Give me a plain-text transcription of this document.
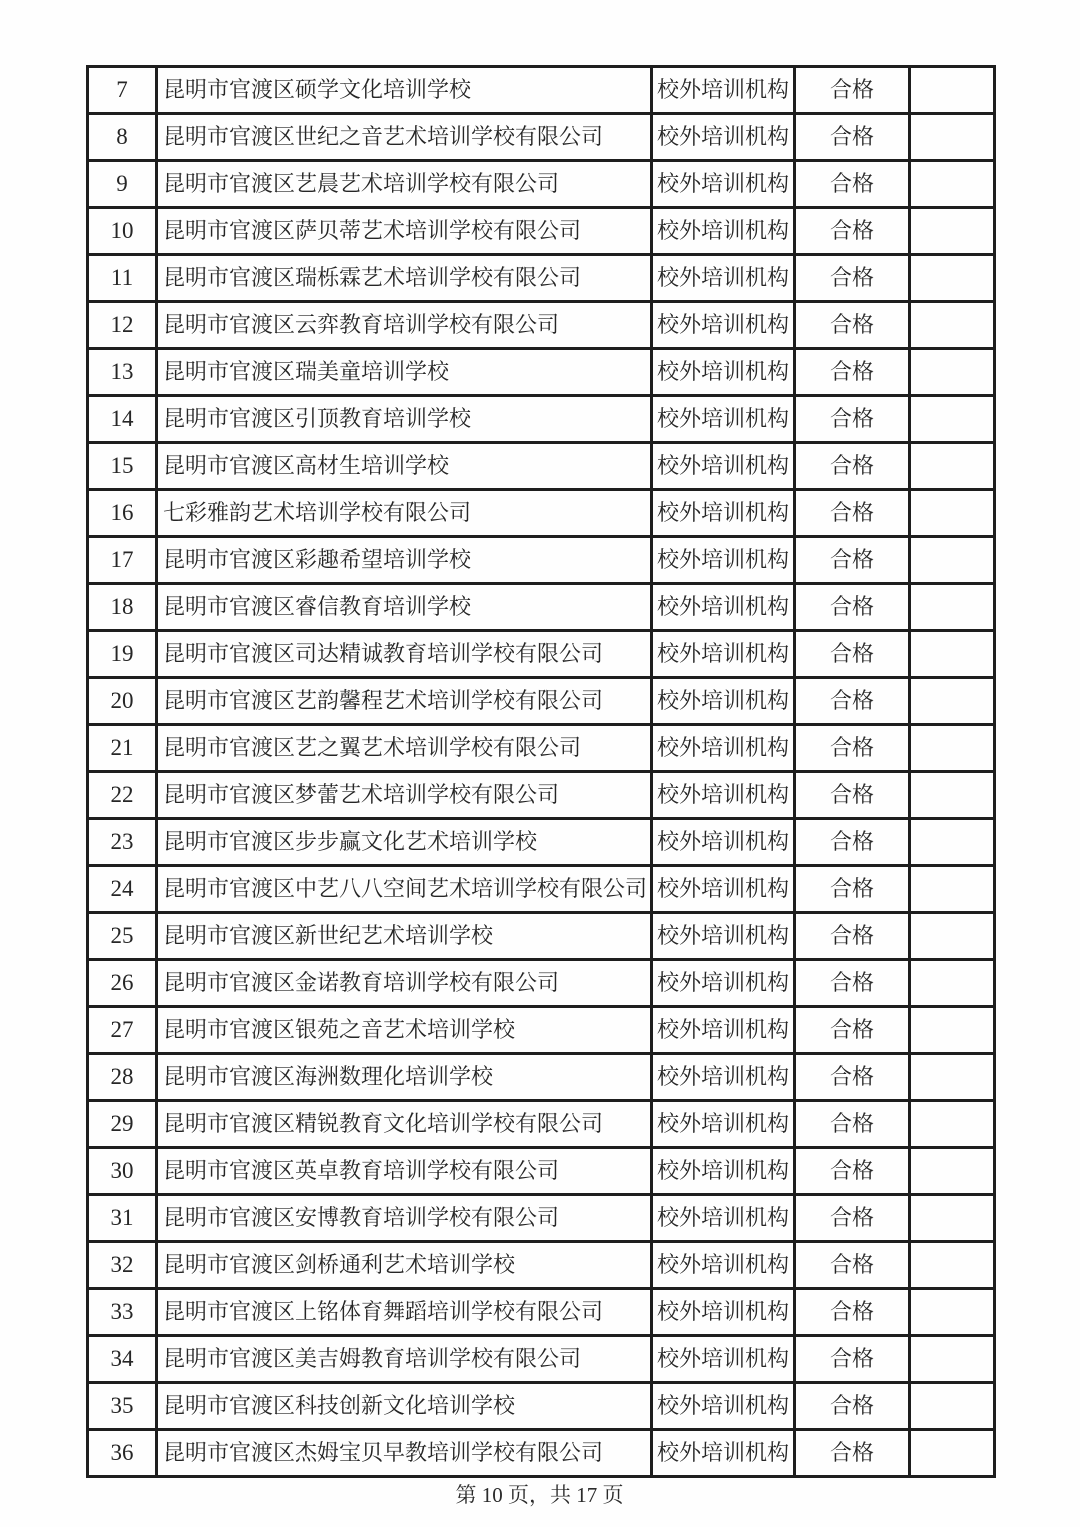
7	昆明市官渡区硕学文化培训学校	校外培训机构	合格	
8	昆明市官渡区世纪之音艺术培训学校有限公司	校外培训机构	合格	
9	昆明市官渡区艺晨艺术培训学校有限公司	校外培训机构	合格	
10	昆明市官渡区萨贝蒂艺术培训学校有限公司	校外培训机构	合格	
11	昆明市官渡区瑞栎霖艺术培训学校有限公司	校外培训机构	合格	
12	昆明市官渡区云弈教育培训学校有限公司	校外培训机构	合格	
13	昆明市官渡区瑞美童培训学校	校外培训机构	合格	
14	昆明市官渡区引顶教育培训学校	校外培训机构	合格	
15	昆明市官渡区高材生培训学校	校外培训机构	合格	
16	七彩雅韵艺术培训学校有限公司	校外培训机构	合格	
17	昆明市官渡区彩趣希望培训学校	校外培训机构	合格	
18	昆明市官渡区睿信教育培训学校	校外培训机构	合格	
19	昆明市官渡区司达精诚教育培训学校有限公司	校外培训机构	合格	
20	昆明市官渡区艺韵馨程艺术培训学校有限公司	校外培训机构	合格	
21	昆明市官渡区艺之翼艺术培训学校有限公司	校外培训机构	合格	
22	昆明市官渡区梦蕾艺术培训学校有限公司	校外培训机构	合格	
23	昆明市官渡区步步赢文化艺术培训学校	校外培训机构	合格	
24	昆明市官渡区中艺八八空间艺术培训学校有限公司	校外培训机构	合格	
25	昆明市官渡区新世纪艺术培训学校	校外培训机构	合格	
26	昆明市官渡区金诺教育培训学校有限公司	校外培训机构	合格	
27	昆明市官渡区银苑之音艺术培训学校	校外培训机构	合格	
28	昆明市官渡区海洲数理化培训学校	校外培训机构	合格	
29	昆明市官渡区精锐教育文化培训学校有限公司	校外培训机构	合格	
30	昆明市官渡区英卓教育培训学校有限公司	校外培训机构	合格	
31	昆明市官渡区安博教育培训学校有限公司	校外培训机构	合格	
32	昆明市官渡区剑桥通利艺术培训学校	校外培训机构	合格	
33	昆明市官渡区上铭体育舞蹈培训学校有限公司	校外培训机构	合格	
34	昆明市官渡区美吉姆教育培训学校有限公司	校外培训机构	合格	
35	昆明市官渡区科技创新文化培训学校	校外培训机构	合格	
36	昆明市官渡区杰姆宝贝早教培训学校有限公司	校外培训机构	合格	
第 10 页，共 17 页
